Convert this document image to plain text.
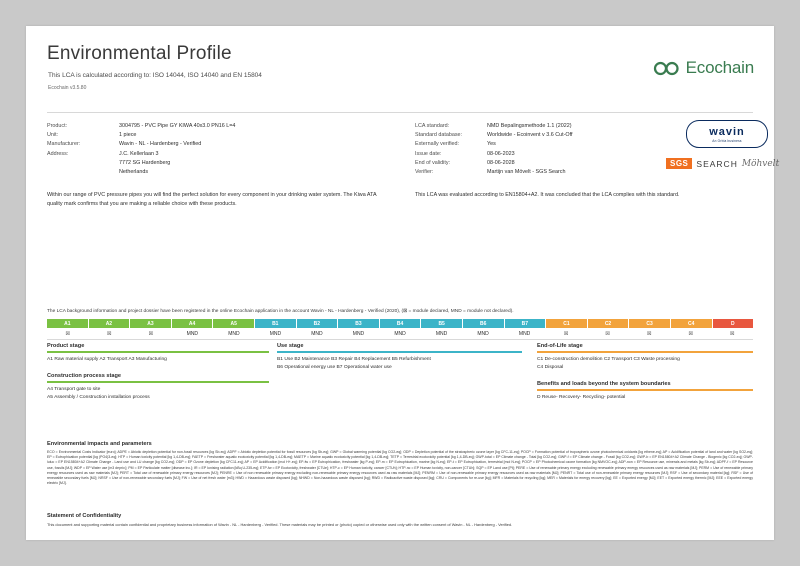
Environmental Profile
This LCA is calculated according to: ISO 14044, ISO 14040 and EN 15804
Ecochain v3.5.80
Ecochain
Product:	3004795 - PVC Pipe GY KIWA 40x3.0 PN16 L=4
Unit:	1 piece
Manufacturer:	Wavin - NL - Hardenberg - Verified
Address:	J.C. Kellerlaan 3
7772 SG Hardenberg
Netherlands
LCA standard:	NMD Bepalingsmethode 1.1 (2022)
Standard database:	Worldwide - Ecoinvent v 3.6 Cut-Off
Externally verified:	Yes
Issue date:	08-06-2023
End of validity:	08-06-2028
Verifier:	Martijn van Mövelt - SGS Search
wavin
An Orbia business
SGS SEARCH Möhvelt
Within our range of PVC pressure pipes you will find the perfect solution for every component in your drinking water system. The Kiwa ATA quality mark confirms that you are making a reliable choice with these products.
This LCA was evaluated according to EN15804+A2. It was concluded that the LCA complies with this standard.
The LCA background information and project dossier have been registered in the online Ecochain application in the account Wavin - NL - Hardenberg - Verified (2020), (⊠ = module declared, MND = module not declared).
A1	A2	A3	A4	A5	B1	B2	B3	B4	B5	B6	B7	C1	C2	C3	C4	D
☒	☒	☒	MND	MND	MND	MND	MND	MND	MND	MND	MND	☒	☒	☒	☒	☒
Product stage
A1 Raw material supply A2 Transport A3 Manufacturing
Construction process stage
A4 Transport gate to site
A5 Assembly / Construction installation process
Use stage
B1 Use B2 Maintenance B3 Repair B4 Replacement B5 Refurbishment
B6 Operational energy use B7 Operational water use
End-of-Life stage
C1 De-construction demolition C2 Transport C3 Waste processing
C4 Disposal
Benefits and loads beyond the system boundaries
D Reuse- Recovery- Recycling- potential
Environmental impacts and parameters

ECO = Environmental Costs Indicator [euro]; ADPE = Abiotic depletion potential for non-fossil resources [kg Sb-eq]; ADPF = Abiotic depletion potential for fossil resources [kg Sb-eq]; GWP = Global warming potential [kg CO2-eq]; ODP = Depletion potential of the stratospheric ozone layer [kg CFC-11-eq]; POCP = Formation potential of tropospheric ozone photochemical oxidants [kg ethene-eq]; AP = Acidification potential of land and water [kg SO2-eq]; EP = Eutrophication potential [kg (PO4)3-eq]; HTP = Human toxicity potential [kg 1,4-DB-eq]; FAETP = Freshwater aquatic ecotoxicity potential [kg 1,4-DB-eq]; MAETP = Marine aquatic ecotoxicity potential [kg 1,4-DB-eq]; TETP = Terrestrial ecotoxicity potential [kg 1,4-DB-eq]; GWP-total = EP Climate change - Total [kg CO2-eq]; GWP-f = EP Climate change - Fossil [kg CO2-eq]; GWP-b = EP EN15804+A2 Climate Change - Biogenic [kg CO2-eq]; GWP-luluc = EP EN15804+A2 Climate Change - Land use and LU change [kg CO2-eq]; ODP = EP Ozone depletion [kg CFC11-eq]; AP = EP Acidification [mol H+-eq]; EP-fw = EP Eutrophication, freshwater [kg P-eq]; EP-m = EP Eutrophication, marine [kg N-eq]; EP-t = EP Eutrophication, terrestrial [mol N-eq]; POCP = EP Photochemical ozone formation [kg NMVOC-eq]; ADP-non = EP Resource use, minerals and metals [kg Sb-eq]; ADPF-f = EP Resource use, fossils [MJ]; WDP = EP Water use [m3 depriv.]; PM = EP Particulate matter [disease inc.]; IR = EP Ionising radiation [kBq U-235-eq]; ETP-fw = EP Ecotoxicity, freshwater [CTUe]; HTP-c = EP Human toxicity, cancer [CTUh]; HTP-nc = EP Human toxicity, non-cancer [CTUh]; SQP = EP Land use [Pt]; PERE = Use of renewable primary energy excluding renewable primary energy resources used as raw materials [MJ]; PERM = Use of renewable primary energy resources used as raw materials [MJ]; PERT = Total use of renewable primary energy resources [MJ]; PENRE = Use of non renewable primary energy excluding non-renewable primary energy resources used as raw materials [MJ]; PENRM = Use of non-renewable primary energy resources used as raw materials [MJ]; PENRT = Total use of non-renewable primary energy resources [MJ]; RSF = Use of secondary material [kg]; RSF = Use of renewable secondary fuels [MJ]; NRSF = Use of non-renewable secondary fuels [MJ]; FW = Use of net fresh water [m3]; HWD = Hazardous waste disposed [kg]; NHWD = Non-hazardous waste disposed [kg]; RWD = Radioactive waste disposed [kg]; CRU = Components for re-use [kg]; MFR = Materials for recycling [kg]; MER = Materials for energy recovery [kg]; EE = Exported energy [MJ]; EET = Exported energy thermic [MJ]; EEE = Exported energy electric [MJ].

Statement of Confidentiality

This document and supporting material contain confidential and proprietary business information of Wavin - NL - Hardenberg - Verified. These materials may be printed or (photo) copied or otherwise used only with the written consent of Wavin - NL - Hardenberg - Verified.
